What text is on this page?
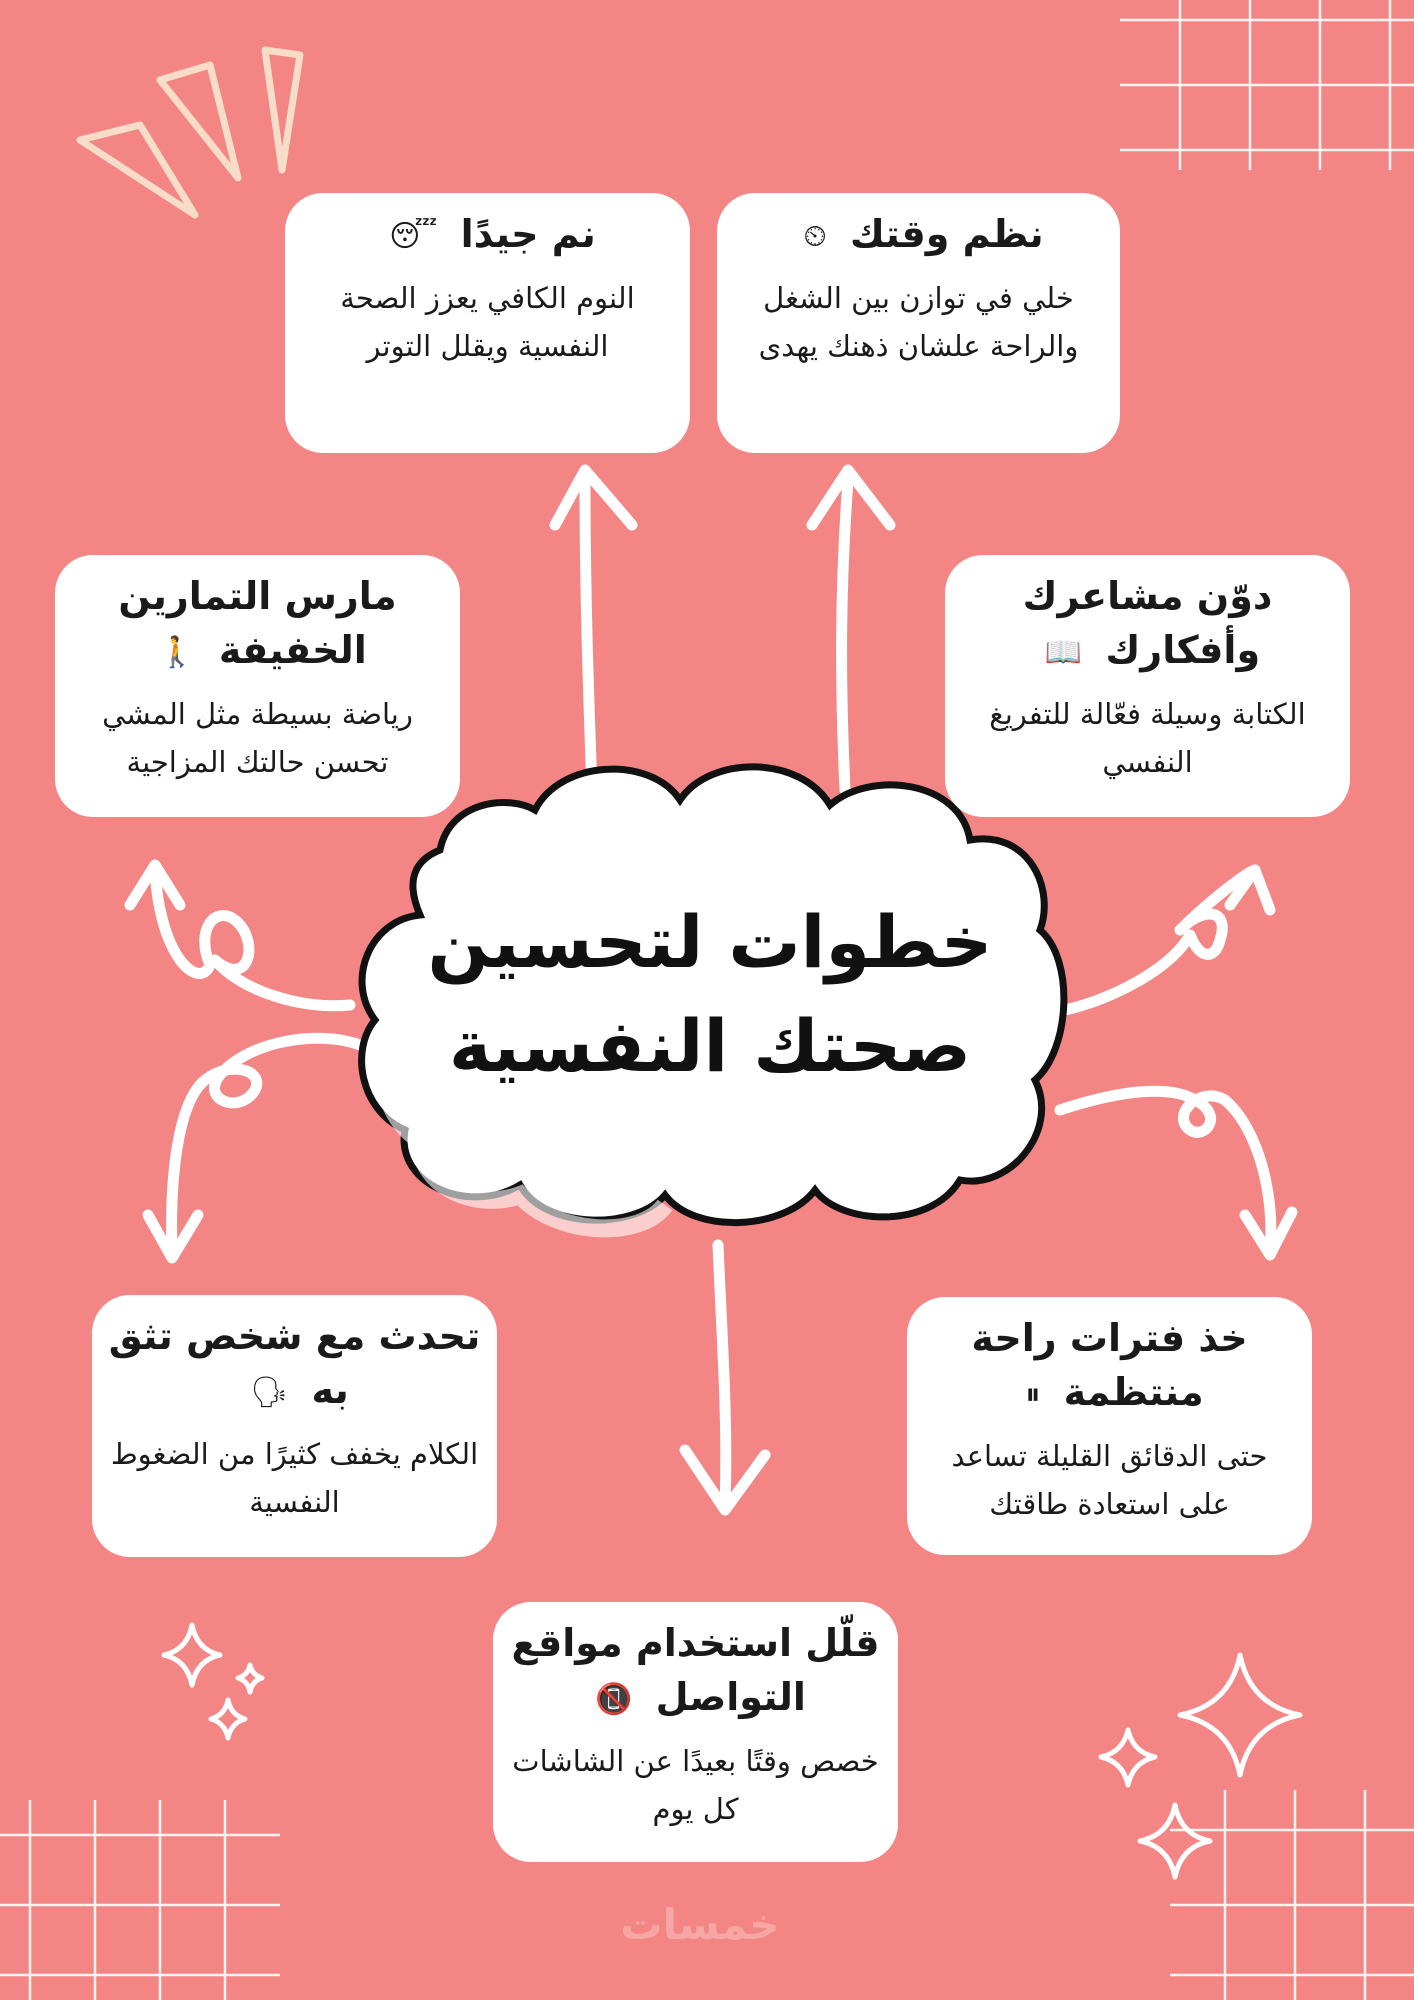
خطوات لتحسين صحتك النفسية
نم جيدًا 😴
النوم الكافي يعزز الصحة النفسية ويقلل التوتر
نظم وقتك ⏲
خلي في توازن بين الشغل والراحة علشان ذهنك يهدى
مارس التمارين الخفيفة 🚶
رياضة بسيطة مثل المشي تحسن حالتك المزاجية
دوّن مشاعرك وأفكارك 📖
الكتابة وسيلة فعّالة للتفريغ النفسي
تحدث مع شخص تثق به 🗣
الكلام يخفف كثيرًا من الضغوط النفسية
خذ فترات راحة منتظمة ⏸
حتى الدقائق القليلة تساعد على استعادة طاقتك
قلّل استخدام مواقع التواصل 📵
خصص وقتًا بعيدًا عن الشاشات كل يوم
خمسات
